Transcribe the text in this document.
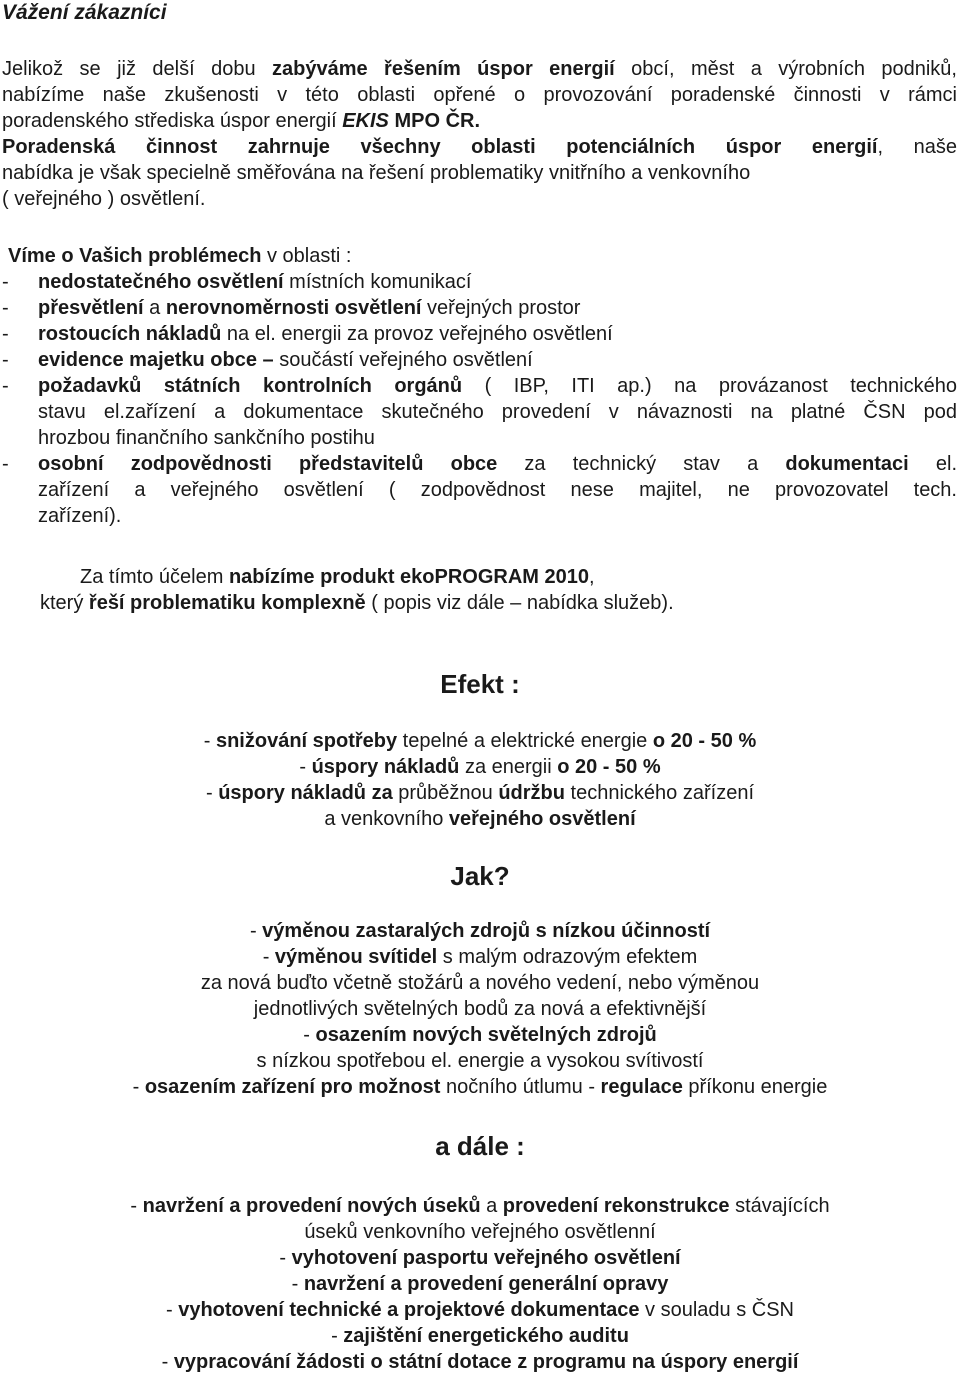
Vážení zákazníci
Jelikož se již delší dobu zabýváme řešením úspor energií obcí, měst a výrobních podniků,
nabízíme naše zkušenosti v této oblasti opřené o provozování poradenské činnosti v rámci
poradenského střediska úspor energií EKIS MPO ČR.
Poradenská činnost zahrnuje všechny oblasti potenciálních úspor energií, naše
nabídka je však specielně směřována na řešení problematiky vnitřního a venkovního
( veřejného ) osvětlení.
Víme o Vašich problémech v oblasti :
-	nedostatečného osvětlení místních komunikací
-	přesvětlení a nerovnoměrnosti osvětlení veřejných prostor
-	rostoucích nákladů na el. energii za provoz veřejného osvětlení
-	evidence majetku obce – součástí veřejného osvětlení
-	požadavků státních kontrolních orgánů ( IBP, ITI ap.) na provázanost technického
stavu el.zařízení a dokumentace skutečného provedení v návaznosti na platné ČSN pod
hrozbou finančního sankčního postihu
-	osobní zodpovědnosti představitelů obce za technický stav a dokumentaci el.
zařízení a veřejného osvětlení ( zodpovědnost nese majitel, ne provozovatel tech.
zařízení).
Za tímto účelem nabízíme produkt ekoPROGRAM 2010,
který řeší problematiku komplexně ( popis viz dále – nabídka služeb).
Efekt :
- snižování spotřeby tepelné a elektrické energie o 20 - 50 %
- úspory nákladů za energii o 20 - 50 %
- úspory nákladů za průběžnou údržbu technického zařízení
a venkovního veřejného osvětlení
Jak?
- výměnou zastaralých zdrojů s nízkou účinností
- výměnou svítidel s malým odrazovým efektem
za nová buďto včetně stožárů a nového vedení, nebo výměnou
jednotlivých světelných bodů za nová a efektivnější
- osazením nových světelných zdrojů
s nízkou spotřebou el. energie a vysokou svítivostí
- osazením zařízení pro možnost nočního útlumu - regulace příkonu energie
a dále :
- navržení a provedení nových úseků a provedení rekonstrukce stávajících
úseků venkovního veřejného osvětlenní
- vyhotovení pasportu veřejného osvětlení
- navržení a provedení generální opravy
- vyhotovení technické a projektové dokumentace v souladu s ČSN
- zajištění energetického auditu
- vypracování žádosti o státní dotace z programu na úspory energií
